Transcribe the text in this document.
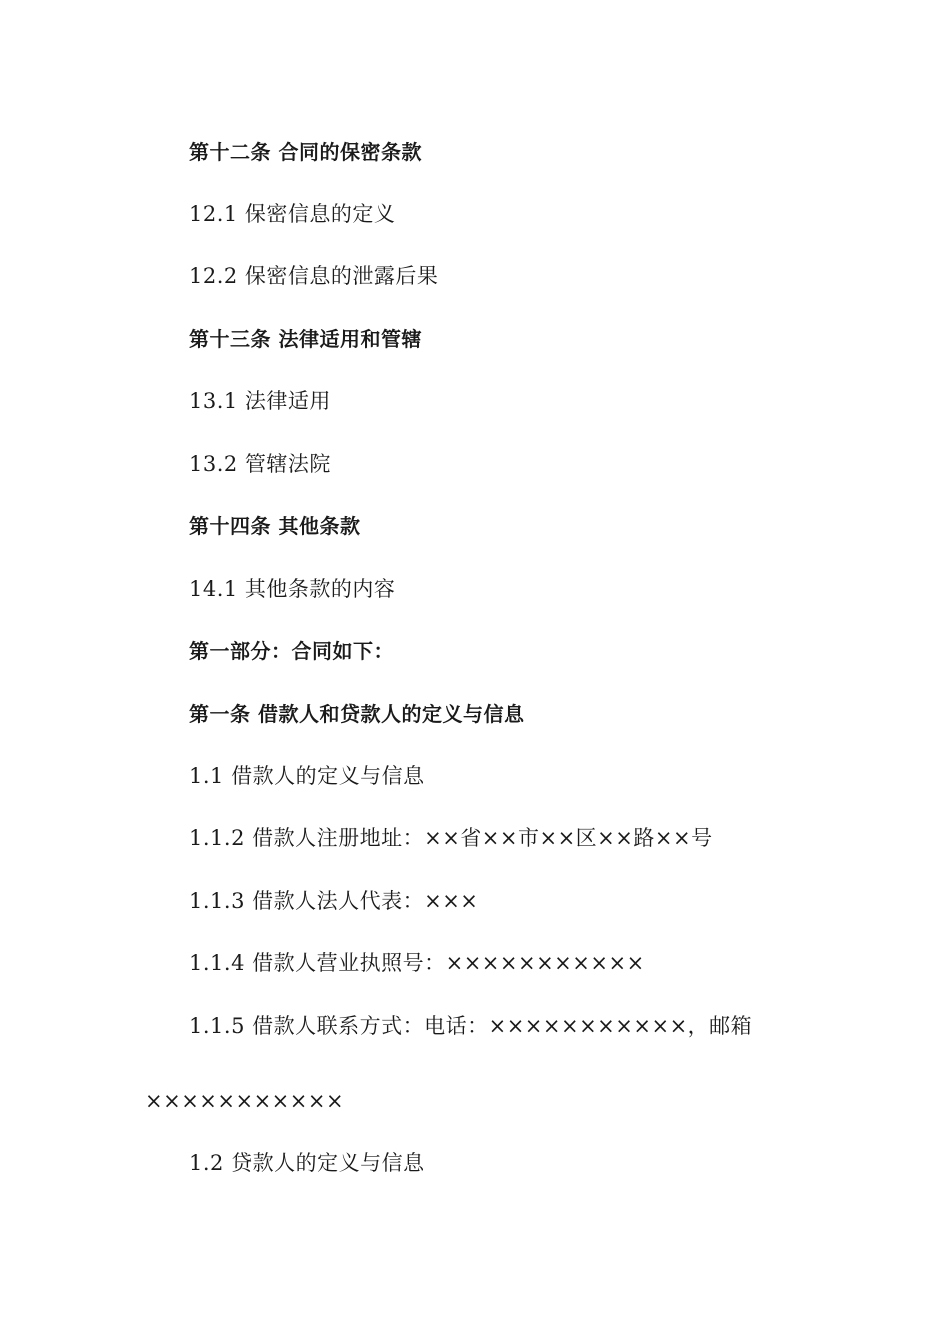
第十二条 合同的保密条款
12.1 保密信息的定义
12.2 保密信息的泄露后果
第十三条 法律适用和管辖
13.1 法律适用
13.2 管辖法院
第十四条 其他条款
14.1 其他条款的内容
第一部分：合同如下：
第一条 借款人和贷款人的定义与信息
1.1 借款人的定义与信息
1.1.2 借款人注册地址：××省××市××区××路××号
1.1.3 借款人法人代表：×××
1.1.4 借款人营业执照号：×××××××××××
1.1.5 借款人联系方式：电话：×××××××××××，邮箱
×××××××××××
1.2 贷款人的定义与信息
